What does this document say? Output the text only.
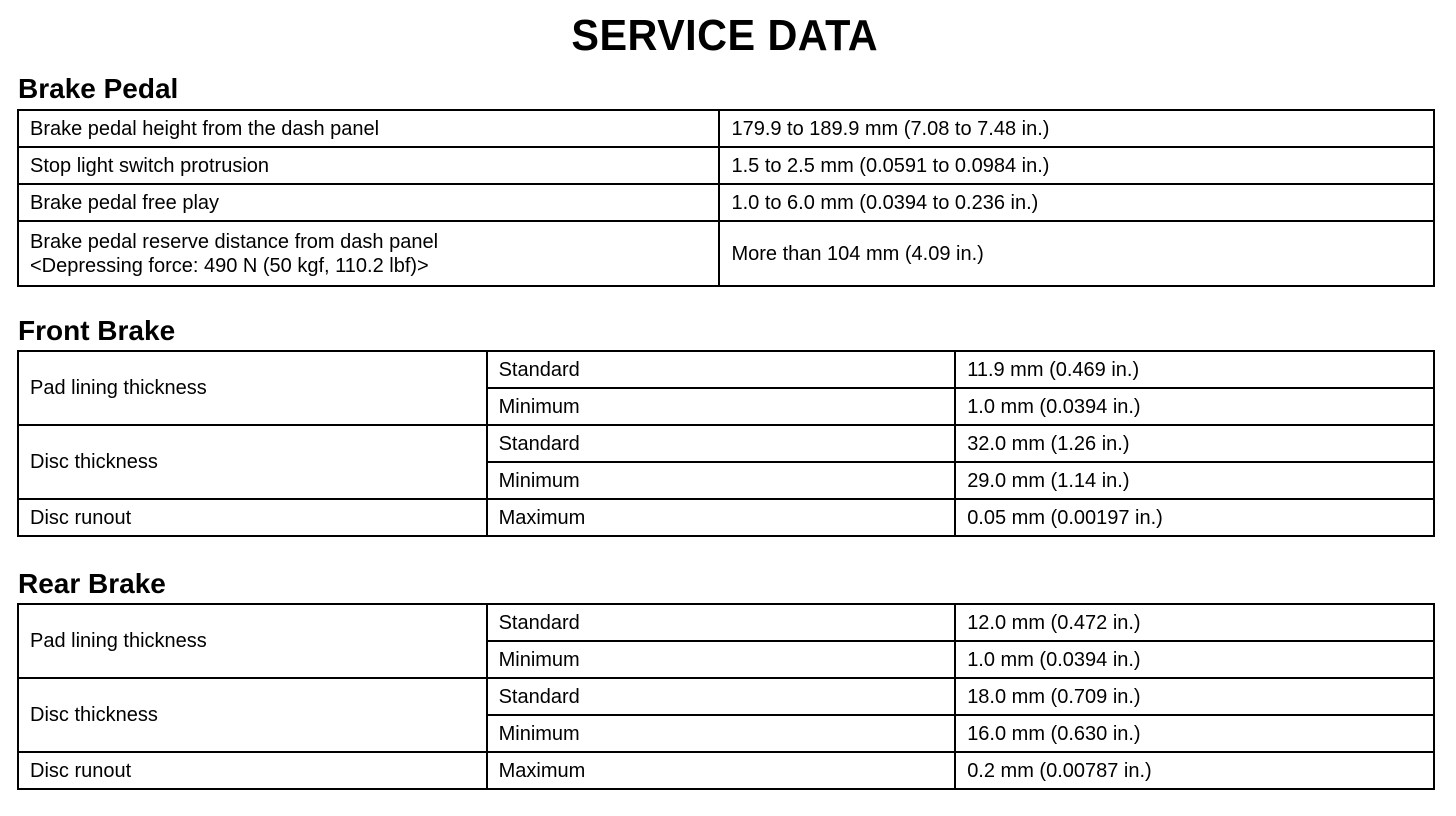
SERVICE DATA
Brake Pedal
Brake pedal height from the dash panel	179.9 to 189.9 mm (7.08 to 7.48 in.)
Stop light switch protrusion	1.5 to 2.5 mm (0.0591 to 0.0984 in.)
Brake pedal free play	1.0 to 6.0 mm (0.0394 to 0.236 in.)

Brake pedal reserve distance from dash panel
<Depressing force: 490 N (50 kgf, 110.2 lbf)>	More than 104 mm (4.09 in.)
Front Brake
Pad lining thickness	Standard	11.9 mm (0.469 in.)
	Minimum	1.0 mm (0.0394 in.)
Disc thickness	Standard	32.0 mm (1.26 in.)
	Minimum	29.0 mm (1.14 in.)
Disc runout	Maximum	0.05 mm (0.00197 in.)
Rear Brake
Pad lining thickness	Standard	12.0 mm (0.472 in.)
	Minimum	1.0 mm (0.0394 in.)
Disc thickness	Standard	18.0 mm (0.709 in.)
	Minimum	16.0 mm (0.630 in.)
Disc runout	Maximum	0.2 mm (0.00787 in.)
